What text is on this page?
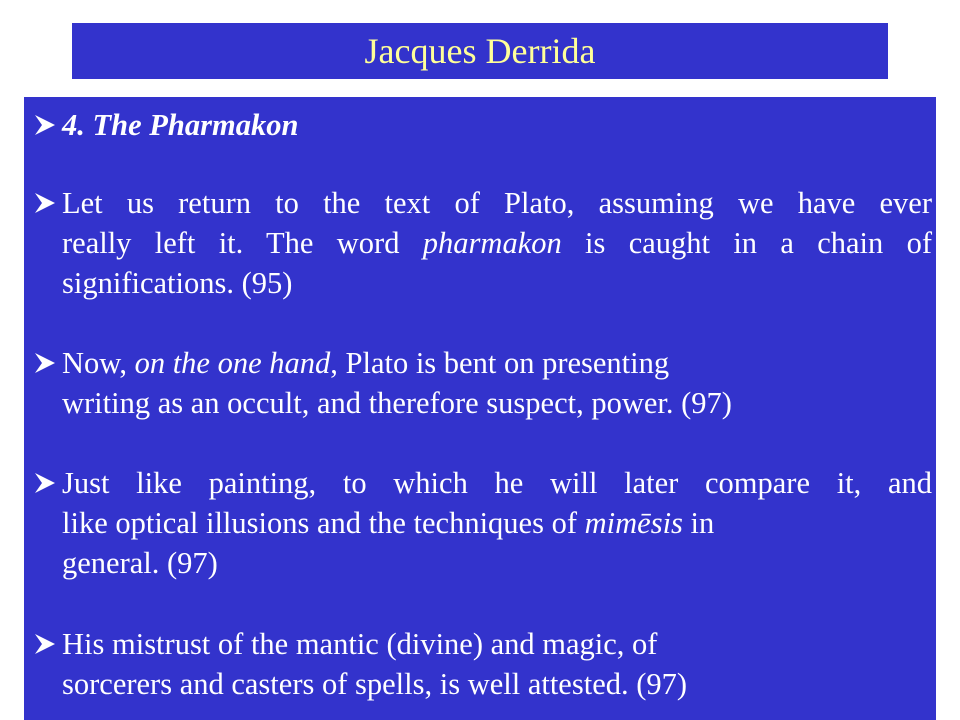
Jacques Derrida
4. The Pharmakon
Let us return to the text of Plato, assuming we have ever
really left it. The word pharmakon is caught in a chain of
significations. (95)
Now, on the one hand, Plato is bent on presenting
writing as an occult, and therefore suspect, power. (97)
Just like painting, to which he will later compare it, and
like optical illusions and the techniques of mimēsis in
general. (97)
His mistrust of the mantic (divine) and magic, of
sorcerers and casters of spells, is well attested. (97)
